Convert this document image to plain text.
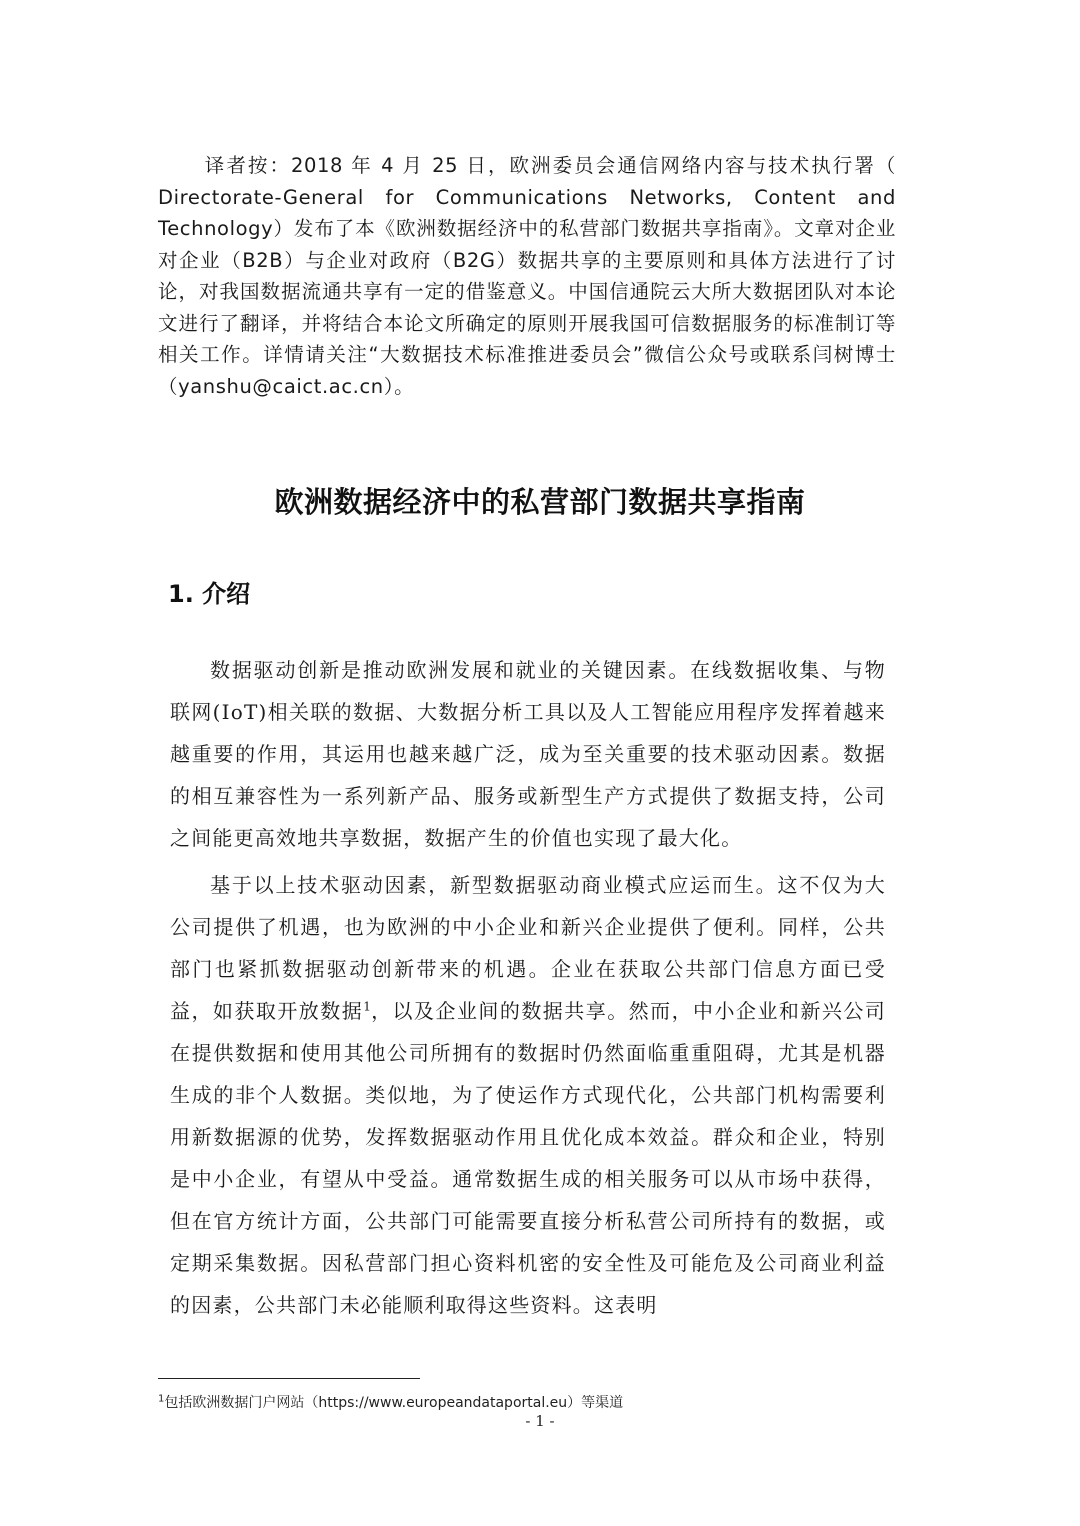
译者按：2018 年 4 月 25 日，欧洲委员会通信网络内容与技术执行署（ Directorate-General for Communications Networks, Content and Technology）发布了本《欧洲数据经济中的私营部门数据共享指南》。文章对企业对企业（B2B）与企业对政府（B2G）数据共享的主要原则和具体方法进行了讨论，对我国数据流通共享有一定的借鉴意义。中国信通院云大所大数据团队对本论文进行了翻译，并将结合本论文所确定的原则开展我国可信数据服务的标准制订等相关工作。详情请关注“大数据技术标准推进委员会”微信公众号或联系闫树博士（yanshu@caict.ac.cn）。

欧洲数据经济中的私营部门数据共享指南
1. 介绍

数据驱动创新是推动欧洲发展和就业的关键因素。在线数据收集、与物联网(IoT)相关联的数据、大数据分析工具以及人工智能应用程序发挥着越来越重要的作用，其运用也越来越广泛，成为至关重要的技术驱动因素。数据的相互兼容性为一系列新产品、服务或新型生产方式提供了数据支持，公司之间能更高效地共享数据，数据产生的价值也实现了最大化。

基于以上技术驱动因素，新型数据驱动商业模式应运而生。这不仅为大公司提供了机遇，也为欧洲的中小企业和新兴企业提供了便利。同样，公共部门也紧抓数据驱动创新带来的机遇。企业在获取公共部门信息方面已受益，如获取开放数据$^1$，以及企业间的数据共享。然而，中小企业和新兴公司在提供数据和使用其他公司所拥有的数据时仍然面临重重阻碍，尤其是机器生成的非个人数据。类似地，为了使运作方式现代化，公共部门机构需要利用新数据源的优势，发挥数据驱动作用且优化成本效益。群众和企业，特别是中小企业，有望从中受益。通常数据生成的相关服务可以从市场中获得，但在官方统计方面，公共部门可能需要直接分析私营公司所持有的数据，或定期采集数据。因私营部门担心资料机密的安全性及可能危及公司商业利益的因素，公共部门未必能顺利取得这些资料。这表明

$^1$包括欧洲数据门户网站（https://www.europeandataportal.eu）等渠道

- 1 -
